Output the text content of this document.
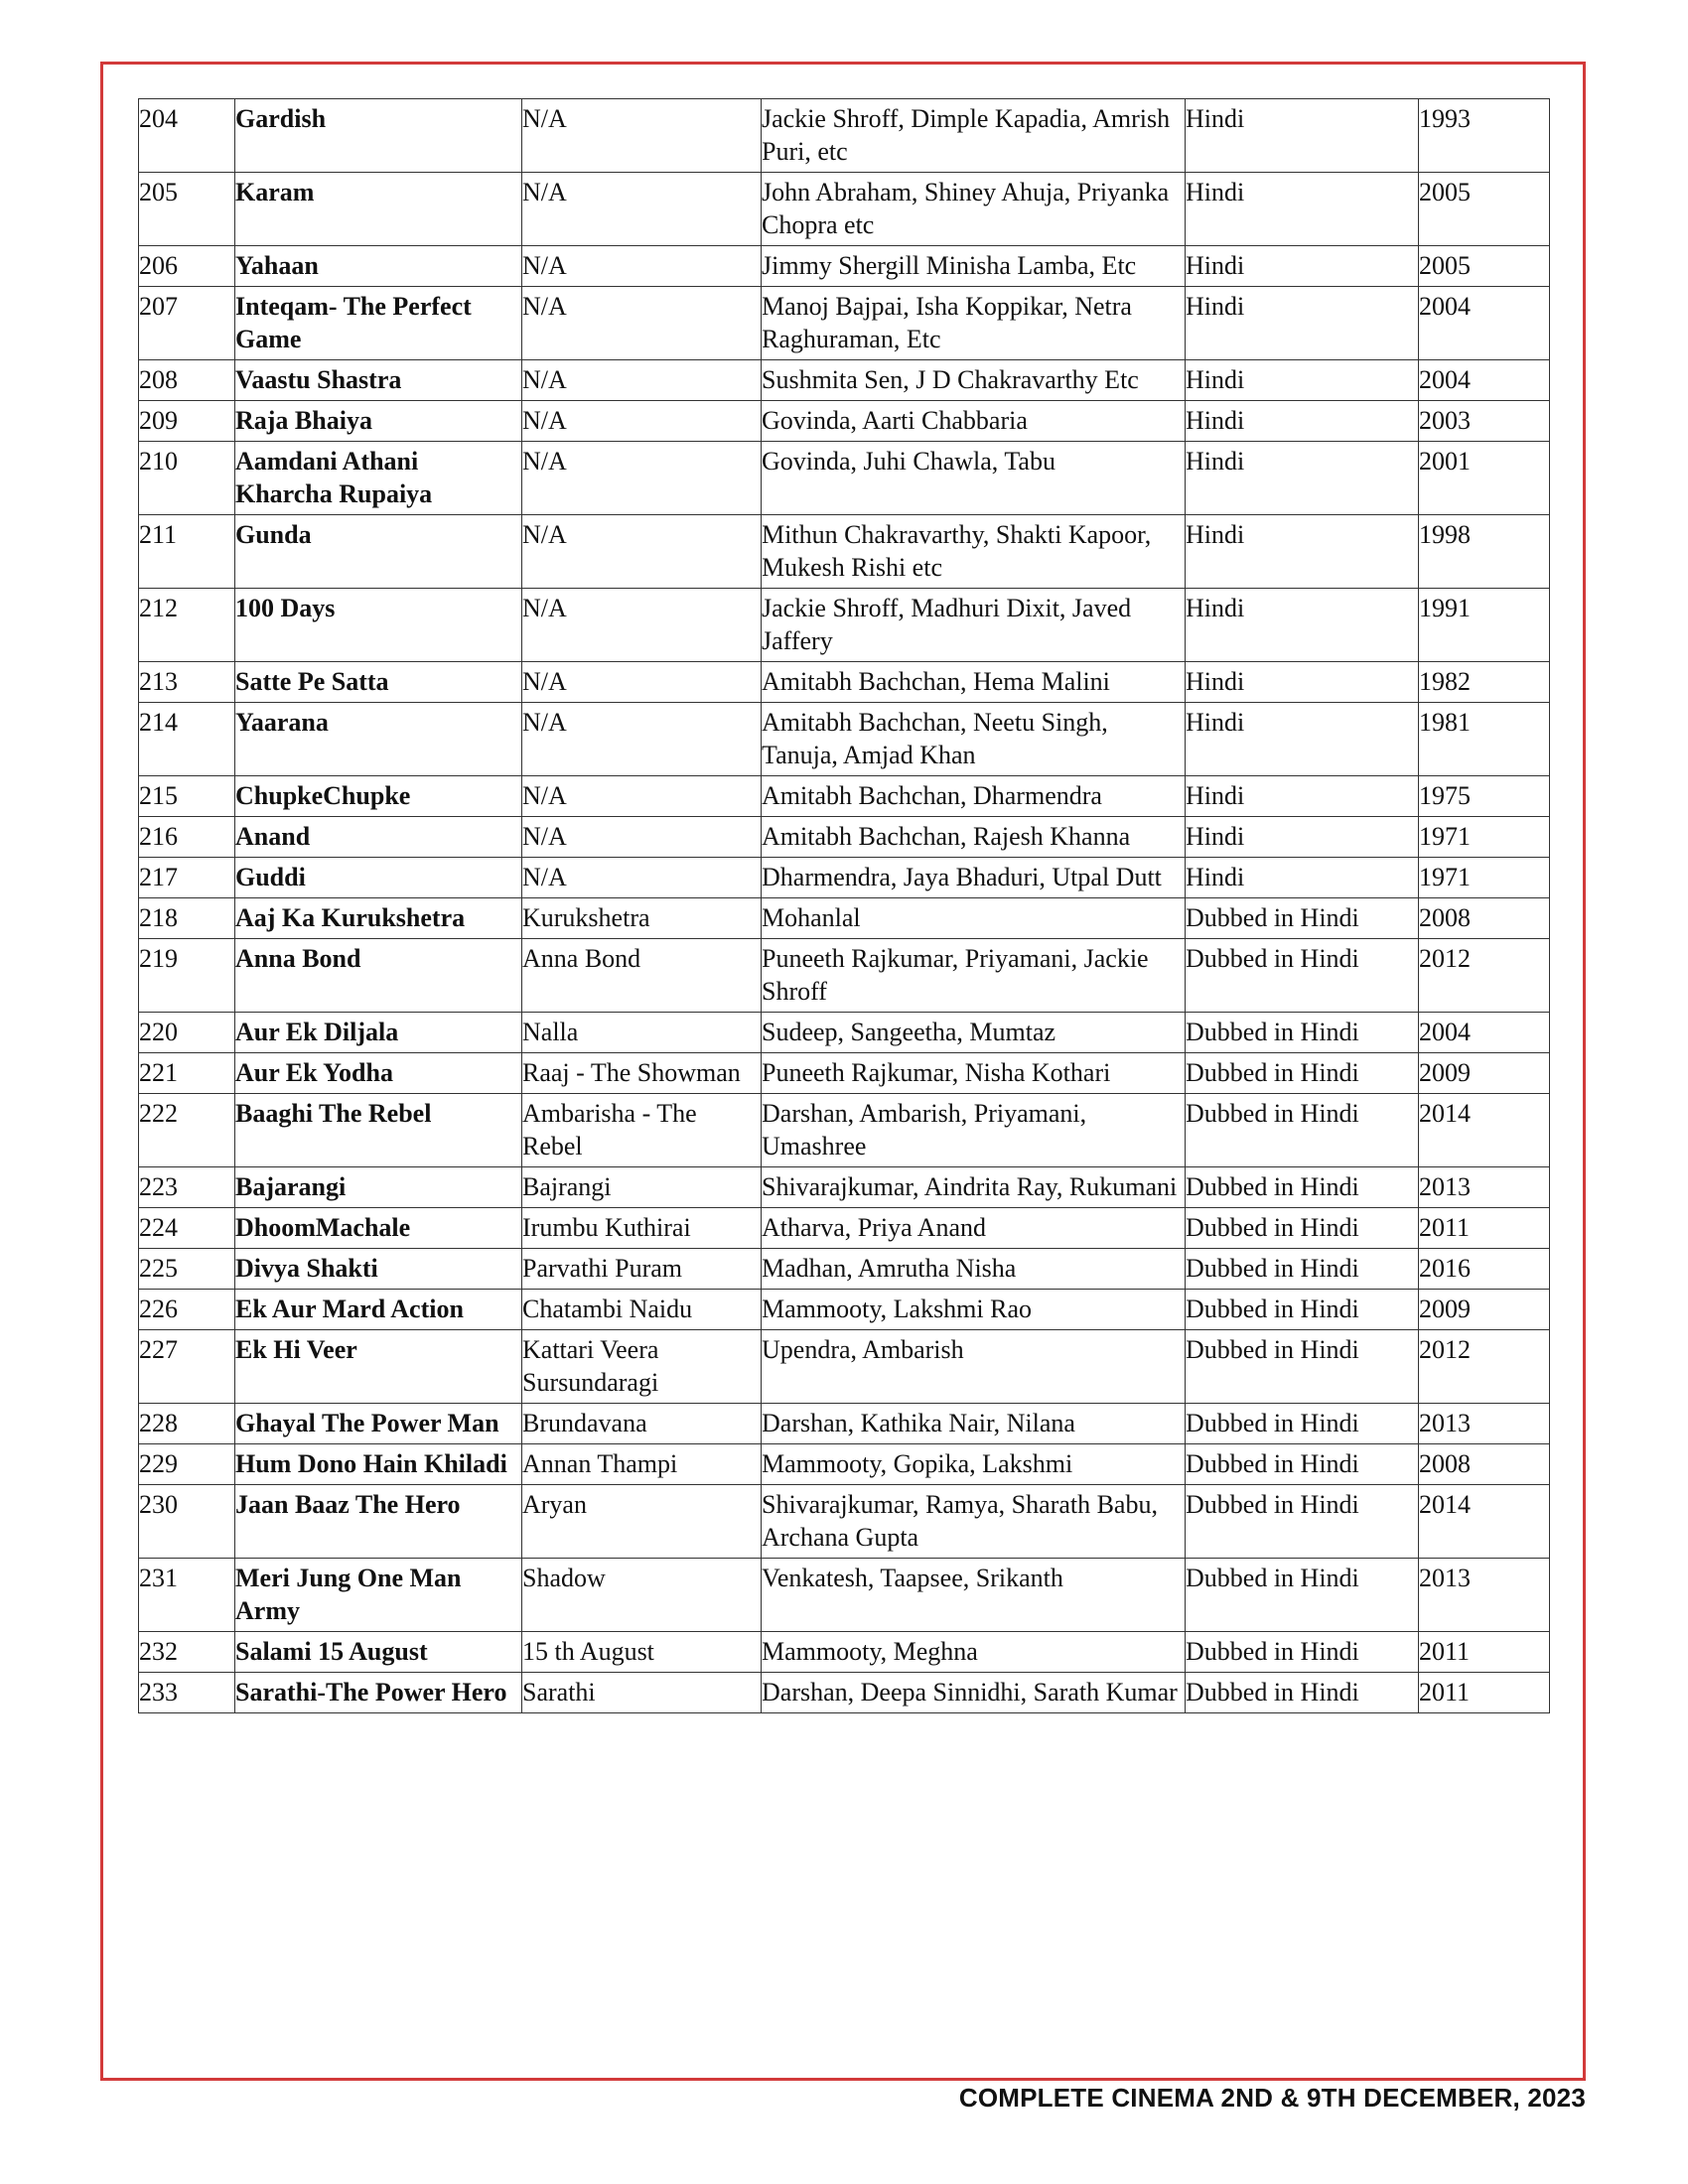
204	Gardish	N/A	Jackie Shroff, Dimple Kapadia, Amrish Puri, etc	Hindi	1993
205	Karam	N/A	John Abraham, Shiney Ahuja, Priyanka Chopra etc	Hindi	2005
206	Yahaan	N/A	Jimmy Shergill Minisha Lamba, Etc	Hindi	2005
207	Inteqam- The Perfect Game	N/A	Manoj Bajpai, Isha Koppikar, Netra Raghuraman, Etc	Hindi	2004
208	Vaastu Shastra	N/A	Sushmita Sen, J D Chakravarthy Etc	Hindi	2004
209	Raja Bhaiya	N/A	Govinda, Aarti Chabbaria	Hindi	2003
210	Aamdani Athani Kharcha Rupaiya	N/A	Govinda, Juhi Chawla, Tabu	Hindi	2001
211	Gunda	N/A	Mithun Chakravarthy, Shakti Kapoor, Mukesh Rishi etc	Hindi	1998
212	100 Days	N/A	Jackie Shroff, Madhuri Dixit, Javed Jaffery	Hindi	1991
213	Satte Pe Satta	N/A	Amitabh Bachchan, Hema Malini	Hindi	1982
214	Yaarana	N/A	Amitabh Bachchan, Neetu Singh, Tanuja, Amjad Khan	Hindi	1981
215	ChupkeChupke	N/A	Amitabh Bachchan, Dharmendra	Hindi	1975
216	Anand	N/A	Amitabh Bachchan, Rajesh Khanna	Hindi	1971
217	Guddi	N/A	Dharmendra, Jaya Bhaduri, Utpal Dutt	Hindi	1971
218	Aaj Ka Kurukshetra	Kurukshetra	Mohanlal	Dubbed in Hindi	2008
219	Anna Bond	Anna Bond	Puneeth Rajkumar, Priyamani, Jackie Shroff	Dubbed in Hindi	2012
220	Aur Ek Diljala	Nalla	Sudeep, Sangeetha, Mumtaz	Dubbed in Hindi	2004
221	Aur Ek Yodha	Raaj - The Showman	Puneeth Rajkumar, Nisha Kothari	Dubbed in Hindi	2009
222	Baaghi The Rebel	Ambarisha - The Rebel	Darshan, Ambarish, Priyamani, Umashree	Dubbed in Hindi	2014
223	Bajarangi	Bajrangi	Shivarajkumar, Aindrita Ray, Rukumani	Dubbed in Hindi	2013
224	DhoomMachale	Irumbu Kuthirai	Atharva, Priya Anand	Dubbed in Hindi	2011
225	Divya Shakti	Parvathi Puram	Madhan, Amrutha Nisha	Dubbed in Hindi	2016
226	Ek Aur Mard Action	Chatambi Naidu	Mammooty, Lakshmi Rao	Dubbed in Hindi	2009
227	Ek Hi Veer	Kattari Veera Sursundaragi	Upendra, Ambarish	Dubbed in Hindi	2012
228	Ghayal The Power Man	Brundavana	Darshan, Kathika Nair, Nilana	Dubbed in Hindi	2013
229	Hum Dono Hain Khiladi	Annan Thampi	Mammooty, Gopika, Lakshmi	Dubbed in Hindi	2008
230	Jaan Baaz The Hero	Aryan	Shivarajkumar, Ramya, Sharath Babu, Archana Gupta	Dubbed in Hindi	2014
231	Meri Jung One Man Army	Shadow	Venkatesh, Taapsee, Srikanth	Dubbed in Hindi	2013
232	Salami 15 August	15 th August	Mammooty, Meghna	Dubbed in Hindi	2011
233	Sarathi-The Power Hero	Sarathi	Darshan, Deepa Sinnidhi, Sarath Kumar	Dubbed in Hindi	2011
COMPLETE CINEMA 2ND & 9TH DECEMBER, 2023
